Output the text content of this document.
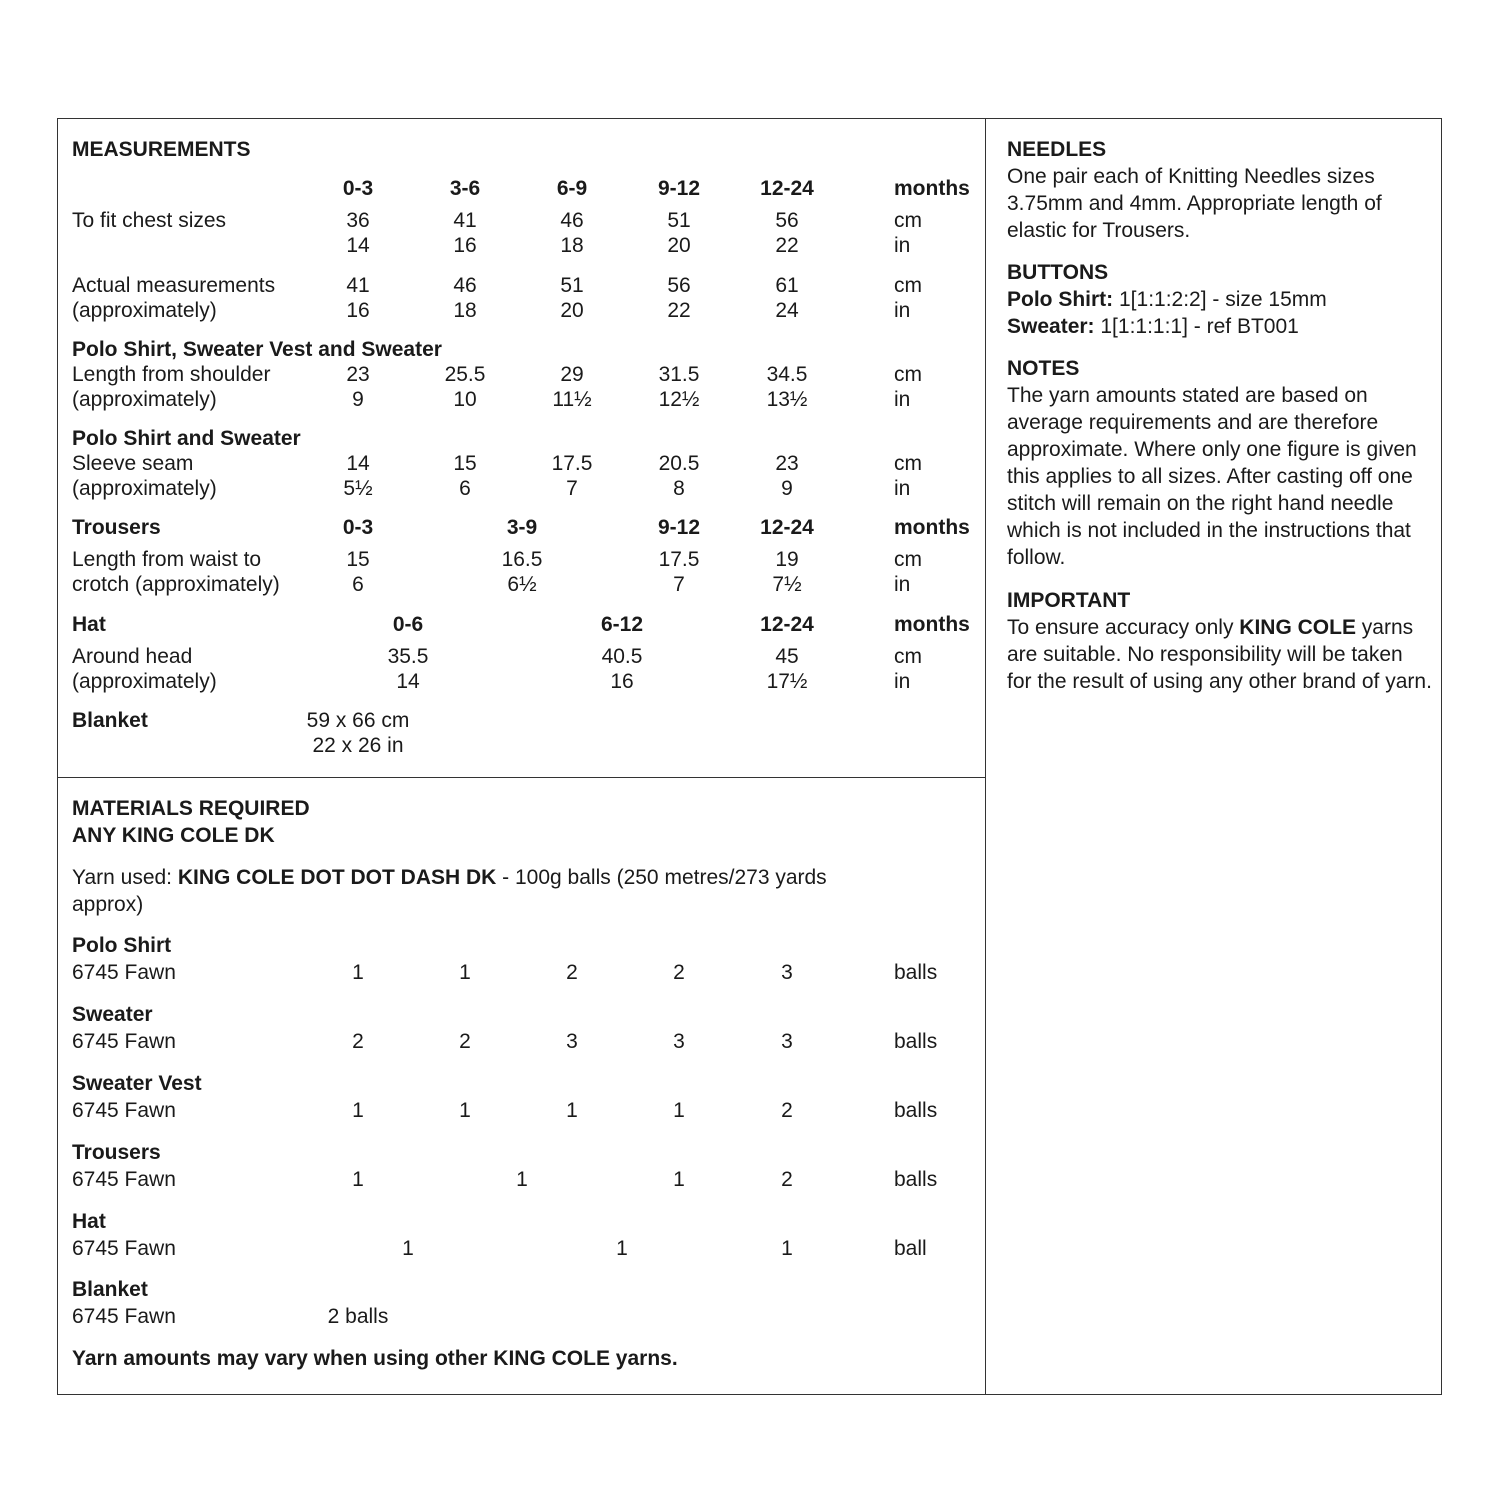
MEASUREMENTS
0-3	3-6	6-9	9-12	12-24	months
To fit chest sizes	36	41	46	51	56	cm
14	16	18	20	22	in
Actual measurements
(approximately)
41	46	51	56	61	cm
16	18	20	22	24	in
Polo Shirt, Sweater Vest and Sweater
Length from shoulder
(approximately)
23	25.5	29	31.5	34.5	cm
9	10	11½	12½	13½	in
Polo Shirt and Sweater
Sleeve seam
(approximately)
14	15	17.5	20.5	23	cm
5½	6	7	8	9	in
Trousers	0-3	3-9	9-12	12-24	months
Length from waist to
crotch (approximately)
15	16.5	17.5	19	cm
6	6½	7	7½	in
Hat	0-6	6-12	12-24	months
Around head
(approximately)
35.5	40.5	45	cm
14	16	17½	in
Blanket	59 x 66 cm
22 x 26 in
MATERIALS REQUIRED
ANY KING COLE DK
Yarn used: KING COLE DOT DOT DASH DK - 100g balls (250 metres/273 yards
approx)
Polo Shirt
6745 Fawn	1	1	2	2	3	balls
Sweater
6745 Fawn	2	2	3	3	3	balls
Sweater Vest
6745 Fawn	1	1	1	1	2	balls
Trousers
6745 Fawn	1	1	1	2	balls
Hat
6745 Fawn	1	1	1	ball
Blanket
6745 Fawn	2 balls
Yarn amounts may vary when using other KING COLE yarns.
NEEDLES
One pair each of Knitting Needles sizes 3.75mm and 4mm. Appropriate length of elastic for Trousers.
BUTTONS
Polo Shirt: 1[1:1:2:2] - size 15mm
Sweater: 1[1:1:1:1] - ref BT001
NOTES
The yarn amounts stated are based on average requirements and are therefore approximate. Where only one figure is given this applies to all sizes. After casting off one stitch will remain on the right hand needle which is not included in the instructions that follow.
IMPORTANT
To ensure accuracy only KING COLE yarns are suitable. No responsibility will be taken for the result of using any other brand of yarn.
